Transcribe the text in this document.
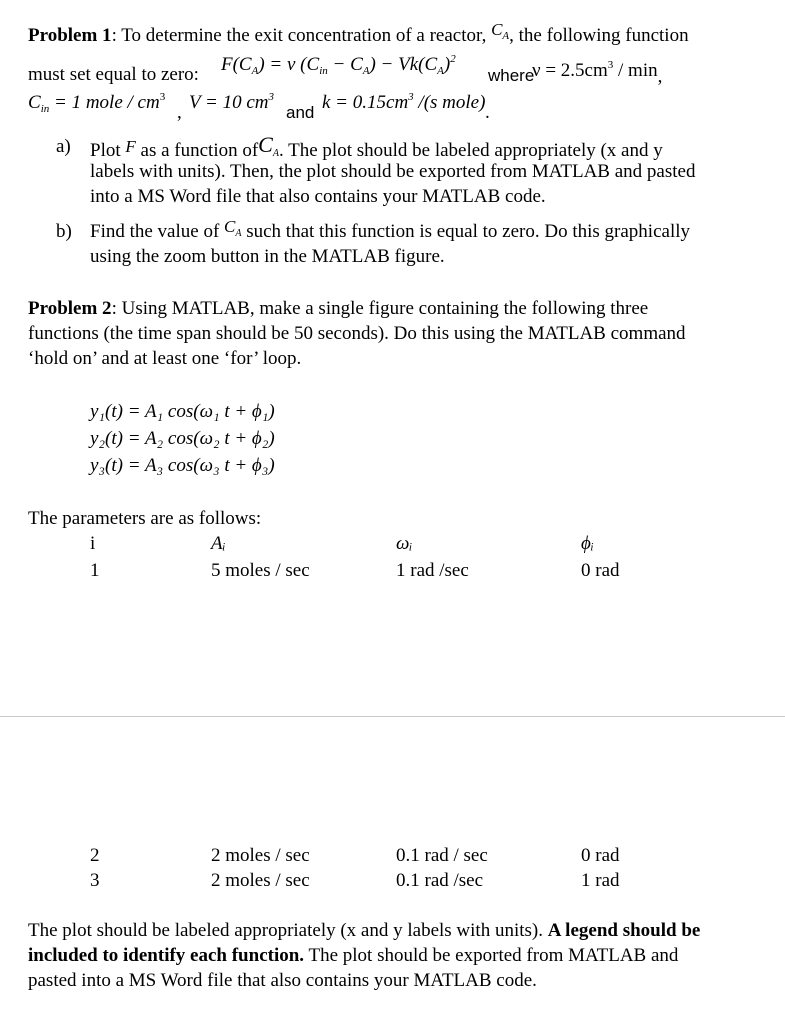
Problem 1: To determine the exit concentration of a reactor, $C_A$, the following function
must set equal to zero: $F(C_A) = \nu$ $(C_{in} - C_A) - Vk(C_A)^2$
where
$\nu = 2.5cm^3 / \min$,
$C_{in} = 1$ mole / $cm^3$
, V = 10 $cm^3$
and $k = 0.15cm^3$ /(s mole).
a) Plot F as a function ofC$_A$. The plot should be labeled appropriately (x and y
labels with units). Then, the plot should be exported from MATLAB and pasted
into a MS Word file that also contains your MATLAB code.
b) Find the value of $C_A$ such that this function is equal to zero. Do this graphically
using the zoom button in the MATLAB figure.
Problem 2: Using MATLAB, make a single figure containing the following three
functions (the time span should be 50 seconds). Do this using the MATLAB command
‘hold on’ and at least one ‘for’ loop.
y₁(t) = A₁ cos(ω₁ t + ϕ₁)
y₂(t) = A₂ cos(ω₂ t + ϕ₂)
y₃(t) = A₃ cos(ω₃ t + ϕ₃)
The parameters are as follows:
i	Aᵢ	ωᵢ	ϕᵢ
1	5 moles / sec	1 rad /sec	0 rad
2	2 moles / sec	0.1 rad / sec	0 rad
3	2 moles / sec	0.1 rad /sec	1 rad
The plot should be labeled appropriately (x and y labels with units). A legend should be
included to identify each function. The plot should be exported from MATLAB and
pasted into a MS Word file that also contains your MATLAB code.
